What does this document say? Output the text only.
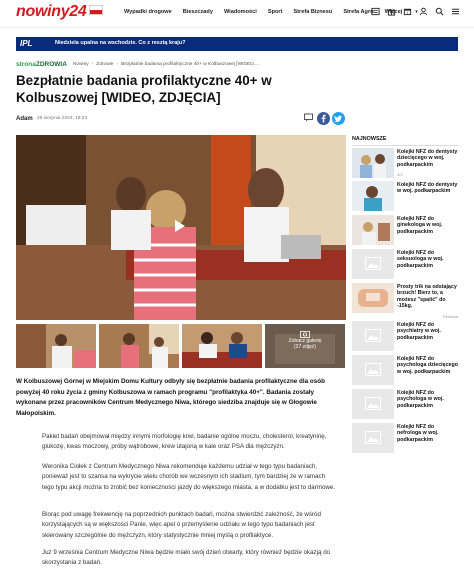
nowiny24	Wypadki drogowe Bieszczady Wiadomości Sport Strefa Biznesu Strefa Agro Więcej	▾
1
IPL	Niedziela upalna na wschodzie. Co z resztą kraju?
stronaZDROWIA Nowiny › Zdrowie › Bezpłatnie badania profilaktyczne 40+ w Kolbuszowej [WIDEO,...
Bezpłatnie badania profilaktyczne 40+ w Kolbuszowej [WIDEO, ZDJĘCIA]
Adam 26 sierpnia 2023, 18:23
Zobacz galerię
(27 zdjęć)

W Kolbuszowej Górnej w Miejskim Domu Kultury odbyły się bezpłatnie badania profilaktyczne dla osób powyżej 40 roku życia z gminy Kolbuszowa w ramach programu "profilaktyka 40+". Badania zostały wykonane przez pracowników Centrum Medycznego Niwa, którego siedziba znajduje się w Głogowie Małopolskim.

Pakiet badań obejmował między innymi morfologię krwi, badanie ogólne moczu, cholesterol, kreatyninę, glukozę, kwas moczowy, próby wątrobowe, krew utajoną w kale oraz PSA dla mężczyzn.

Weronika Ciołek z Centrum Medycznego Niwa rekomenduje każdemu udział w tego typu badaniach, ponieważ jest to szansa na wykrycie wielu chorób we wczesnym ich stadium, tym bardziej że w ramach tego typu akcji można to zrobić bez konieczności jazdy do większego miasta, a w dodatku jest to darmowe.

Biorąc pod uwagę frekwencję na poprzednich punktach badań, można stwierdzić zależność, że wśród korzystających są w większości Panie, więc apel o przemyślenie udziału w tego typu badaniach jest skierowany szczególnie do mężczyzn, który statystycznie mniej myślą o profilaktyce.

Już 9 września Centrum Medyczne Niwa będzie miało swój dzień otwarty, który również będzie okazją do skorzystania z badań.

NAJNOWSZE
Kolejki NFZ do dentysty dziecięcego w woj. podkarpackim
3/3
Kolejki NFZ do dentysty w woj. podkarpackim
Kolejki NFZ do ginekologa w woj. podkarpackim
Kolejki NFZ do seksuologa w woj. podkarpackim
Prosty trik na odstający brzuch! Bierz to, a możesz "spalić" do -15kg.
Reklama
Kolejki NFZ do psychiatry w woj. podkarpackim
Kolejki NFZ do psychologa dziecięcego w woj. podkarpackim
Kolejki NFZ do psychologa w woj. podkarpackim
Kolejki NFZ do nefrologa w woj. podkarpackim
